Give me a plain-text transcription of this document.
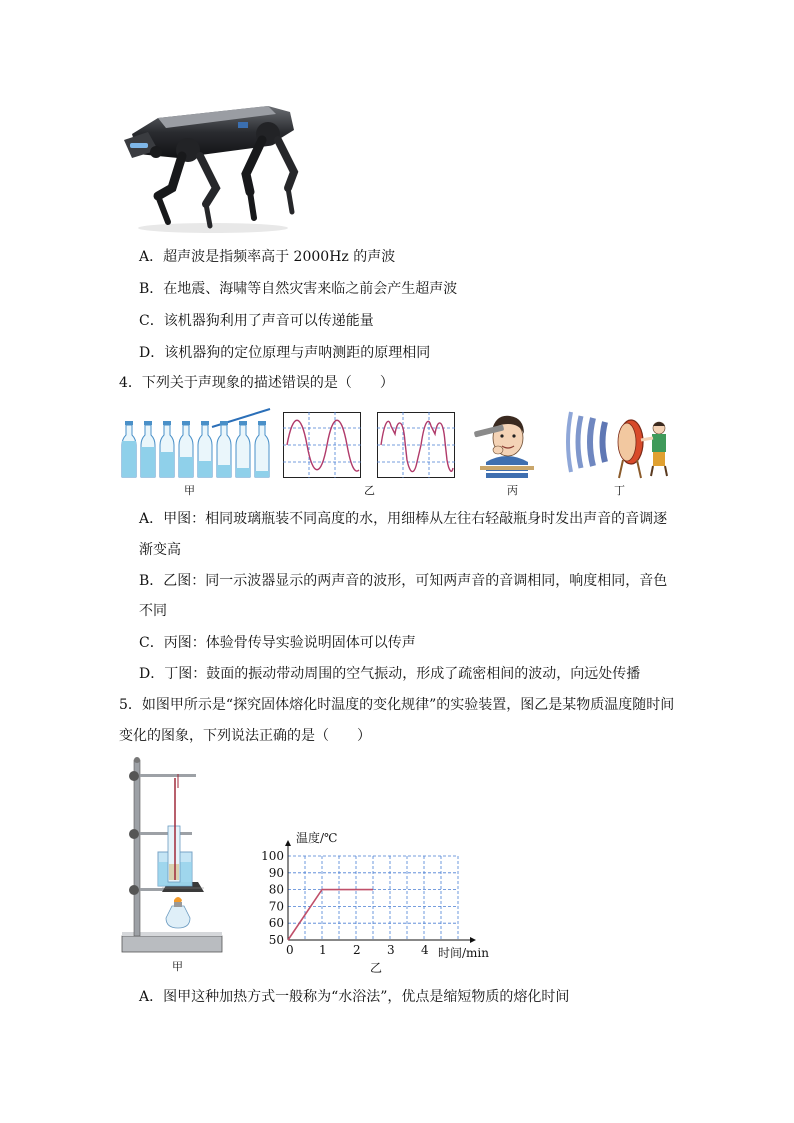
A．超声波是指频率高于 2000Hz 的声波
B．在地震、海啸等自然灾害来临之前会产生超声波
C．该机器狗利用了声音可以传递能量
D．该机器狗的定位原理与声呐测距的原理相同
4．下列关于声现象的描述错误的是（　　）
甲	乙	丙	丁
A．甲图：相同玻璃瓶装不同高度的水，用细棒从左往右轻敲瓶身时发出声音的音调逐
渐变高
B．乙图：同一示波器显示的两声音的波形，可知两声音的音调相同，响度相同，音色
不同
C．丙图：体验骨传导实验说明固体可以传声
D．丁图：鼓面的振动带动周围的空气振动，形成了疏密相间的波动，向远处传播
5．如图甲所示是“探究固体熔化时温度的变化规律”的实验装置，图乙是某物质温度随时间
变化的图象，下列说法正确的是（　　）
甲
0 1 2 3 4
50
60
70
80
90
100
温度/℃
时间/min
乙
A．图甲这种加热方式一般称为“水浴法”，优点是缩短物质的熔化时间
